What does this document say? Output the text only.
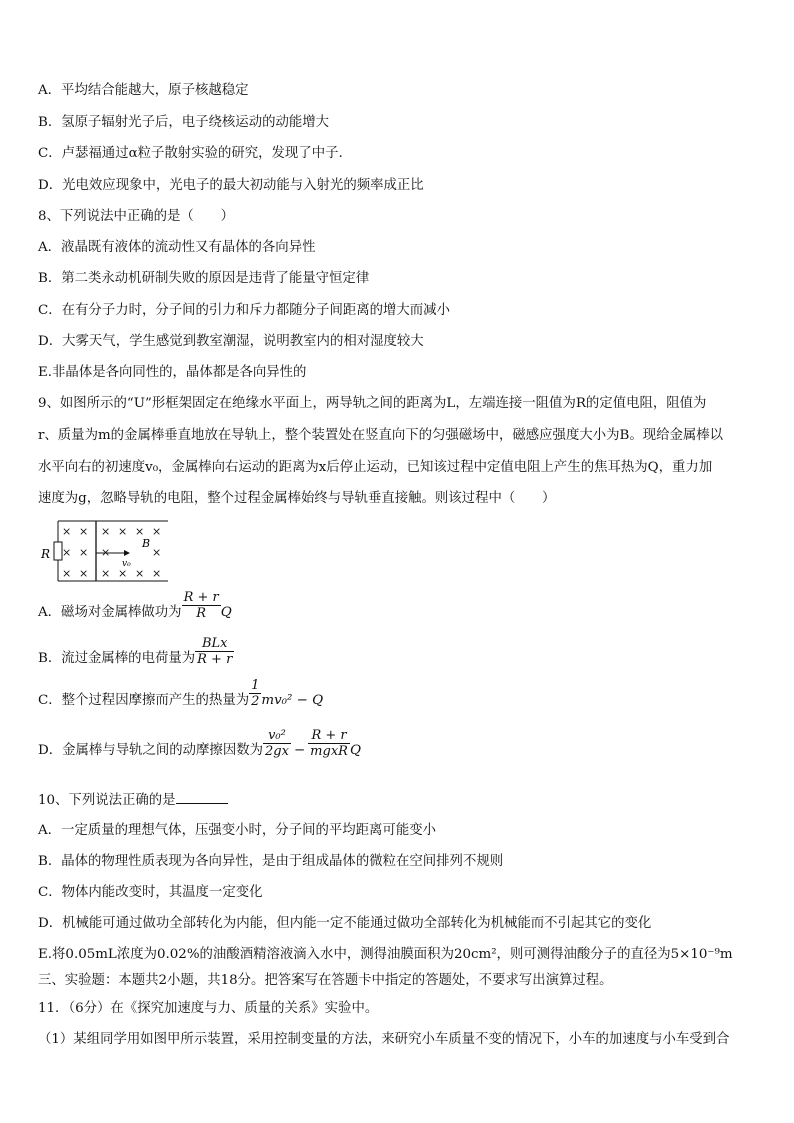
A．平均结合能越大，原子核越稳定
B．氢原子辐射光子后，电子绕核运动的动能增大
C．卢瑟福通过α粒子散射实验的研究，发现了中子.
D．光电效应现象中，光电子的最大初动能与入射光的频率成正比
8、下列说法中正确的是（　　）
A．液晶既有液体的流动性又有晶体的各向异性
B．第二类永动机研制失败的原因是违背了能量守恒定律
C．在有分子力时，分子间的引力和斥力都随分子间距离的增大而减小
D．大雾天气，学生感觉到教室潮湿，说明教室内的相对湿度较大
E.非晶体是各向同性的，晶体都是各向异性的
9、如图所示的“U”形框架固定在绝缘水平面上，两导轨之间的距离为L，左端连接一阻值为R的定值电阻，阻值为
r、质量为m的金属棒垂直地放在导轨上，整个装置处在竖直向下的匀强磁场中，磁感应强度大小为B。现给金属棒以
水平向右的初速度v₀，金属棒向右运动的距离为x后停止运动，已知该过程中定值电阻上产生的焦耳热为Q，重力加
速度为g，忽略导轨的电阻，整个过程金属棒始终与导轨垂直接触。则该过程中（　　）
R
v₀
B
× × × × × ×
× × ×	×
× × × × × ×
A．磁场对金属棒做功为 $\frac{R + r}{R}$ Q
B．流过金属棒的电荷量为 $\frac{\text{BLx}}{R + r}$
C．整个过程因摩擦而产生的热量为 $\frac{1}{2} mv_0^2 - Q$
D．金属棒与导轨之间的动摩擦因数为 $\frac{\text{v₀²}}{2gx} - \frac{R + r}{\text{mgxR}}$ Q
10、下列说法正确的是
A．一定质量的理想气体，压强变小时，分子间的平均距离可能变小
B．晶体的物理性质表现为各向异性，是由于组成晶体的微粒在空间排列不规则
C．物体内能改变时，其温度一定变化
D．机械能可通过做功全部转化为内能，但内能一定不能通过做功全部转化为机械能而不引起其它的变化
E.将0.05mL浓度为0.02%的油酸酒精溶液滴入水中，测得油膜面积为20cm²，则可测得油酸分子的直径为5×10⁻⁹m
三、实验题：本题共2小题，共18分。把答案写在答题卡中指定的答题处，不要求写出演算过程。
11．（6分）在《探究加速度与力、质量的关系》实验中。
（1）某组同学用如图甲所示装置，采用控制变量的方法，来研究小车质量不变的情况下，小车的加速度与小车受到合
